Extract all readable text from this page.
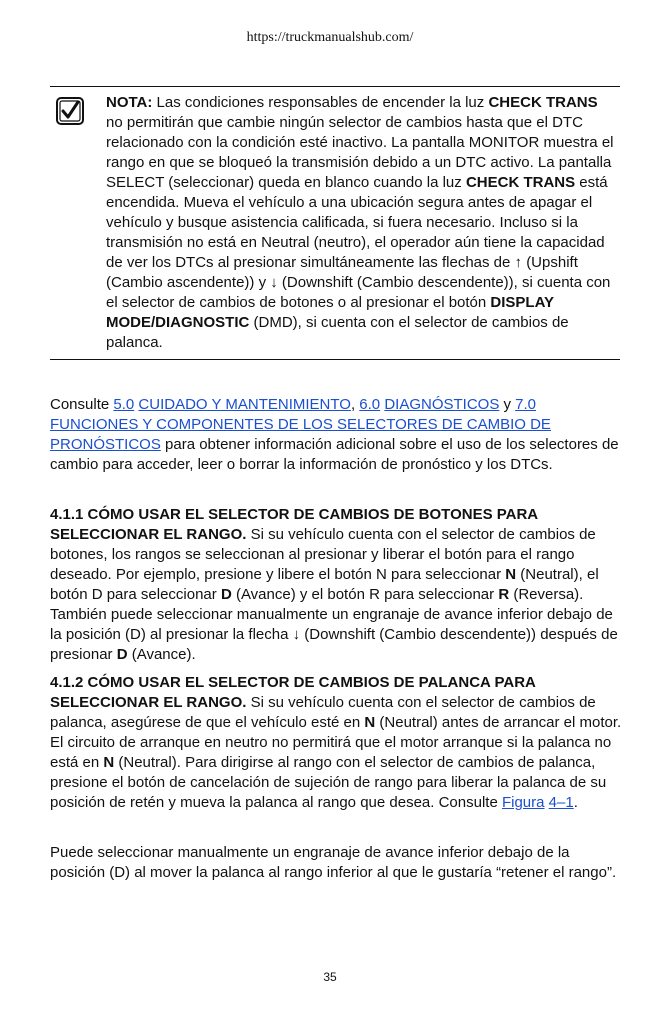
https://truckmanualshub.com/
NOTA: Las condiciones responsables de encender la luz CHECK TRANS no permitirán que cambie ningún selector de cambios hasta que el DTC relacionado con la condición esté inactivo. La pantalla MONITOR muestra el rango en que se bloqueó la transmisión debido a un DTC activo. La pantalla SELECT (seleccionar) queda en blanco cuando la luz CHECK TRANS está encendida. Mueva el vehículo a una ubicación segura antes de apagar el vehículo y busque asistencia calificada, si fuera necesario. Incluso si la transmisión no está en Neutral (neutro), el operador aún tiene la capacidad de ver los DTCs al presionar simultáneamente las flechas de ↑ (Upshift (Cambio ascendente)) y ↓ (Downshift (Cambio descendente)), si cuenta con el selector de cambios de botones o al presionar el botón DISPLAY MODE/DIAGNOSTIC (DMD), si cuenta con el selector de cambios de palanca.
Consulte 5.0 CUIDADO Y MANTENIMIENTO, 6.0 DIAGNÓSTICOS y 7.0 FUNCIONES Y COMPONENTES DE LOS SELECTORES DE CAMBIO DE PRONÓSTICOS para obtener información adicional sobre el uso de los selectores de cambio para acceder, leer o borrar la información de pronóstico y los DTCs.
4.1.1 CÓMO USAR EL SELECTOR DE CAMBIOS DE BOTONES PARA SELECCIONAR EL RANGO. Si su vehículo cuenta con el selector de cambios de botones, los rangos se seleccionan al presionar y liberar el botón para el rango deseado. Por ejemplo, presione y libere el botón N para seleccionar N (Neutral), el botón D para seleccionar D (Avance) y el botón R para seleccionar R (Reversa). También puede seleccionar manualmente un engranaje de avance inferior debajo de la posición (D) al presionar la flecha ↓ (Downshift (Cambio descendente)) después de presionar D (Avance).
4.1.2 CÓMO USAR EL SELECTOR DE CAMBIOS DE PALANCA PARA SELECCIONAR EL RANGO. Si su vehículo cuenta con el selector de cambios de palanca, asegúrese de que el vehículo esté en N (Neutral) antes de arrancar el motor. El circuito de arranque en neutro no permitirá que el motor arranque si la palanca no está en N (Neutral). Para dirigirse al rango con el selector de cambios de palanca, presione el botón de cancelación de sujeción de rango para liberar la palanca de su posición de retén y mueva la palanca al rango que desea. Consulte Figura 4–1.
Puede seleccionar manualmente un engranaje de avance inferior debajo de la posición (D) al mover la palanca al rango inferior al que le gustaría “retener el rango”.
35
